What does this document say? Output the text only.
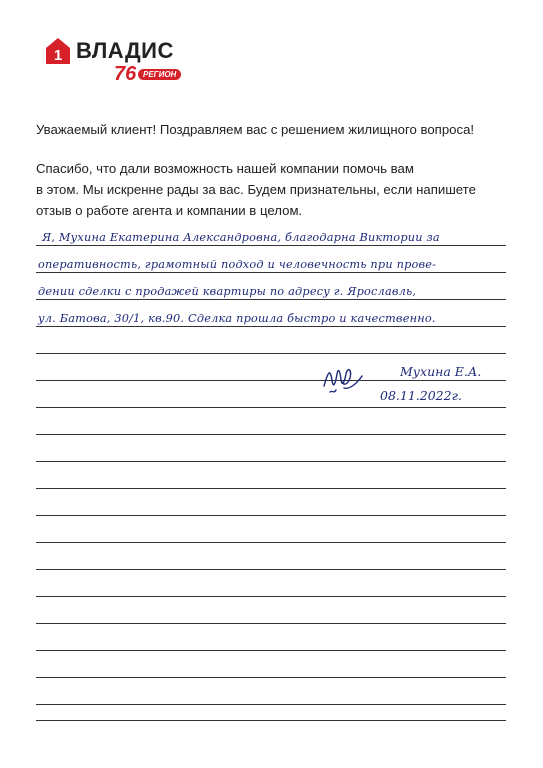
1 ВЛАДИС
76 РЕГИОН
Уважаемый клиент! Поздравляем вас с решением жилищного вопроса!
Спасибо, что дали возможность нашей компании помочь вам
в этом. Мы искренне рады за вас. Будем признательны, если напишете
отзыв о работе агента и компании в целом.
Я, Мухина Екатерина Александровна, благодарна Виктории за
оперативность, грамотный подход и человечность при прове-
дении сделки с продажей квартиры по адресу г. Ярославль,
ул. Батова, 30/1, кв.90. Сделка прошла быстро и качественно.
Мухина Е.А.
08.11.2022г.
